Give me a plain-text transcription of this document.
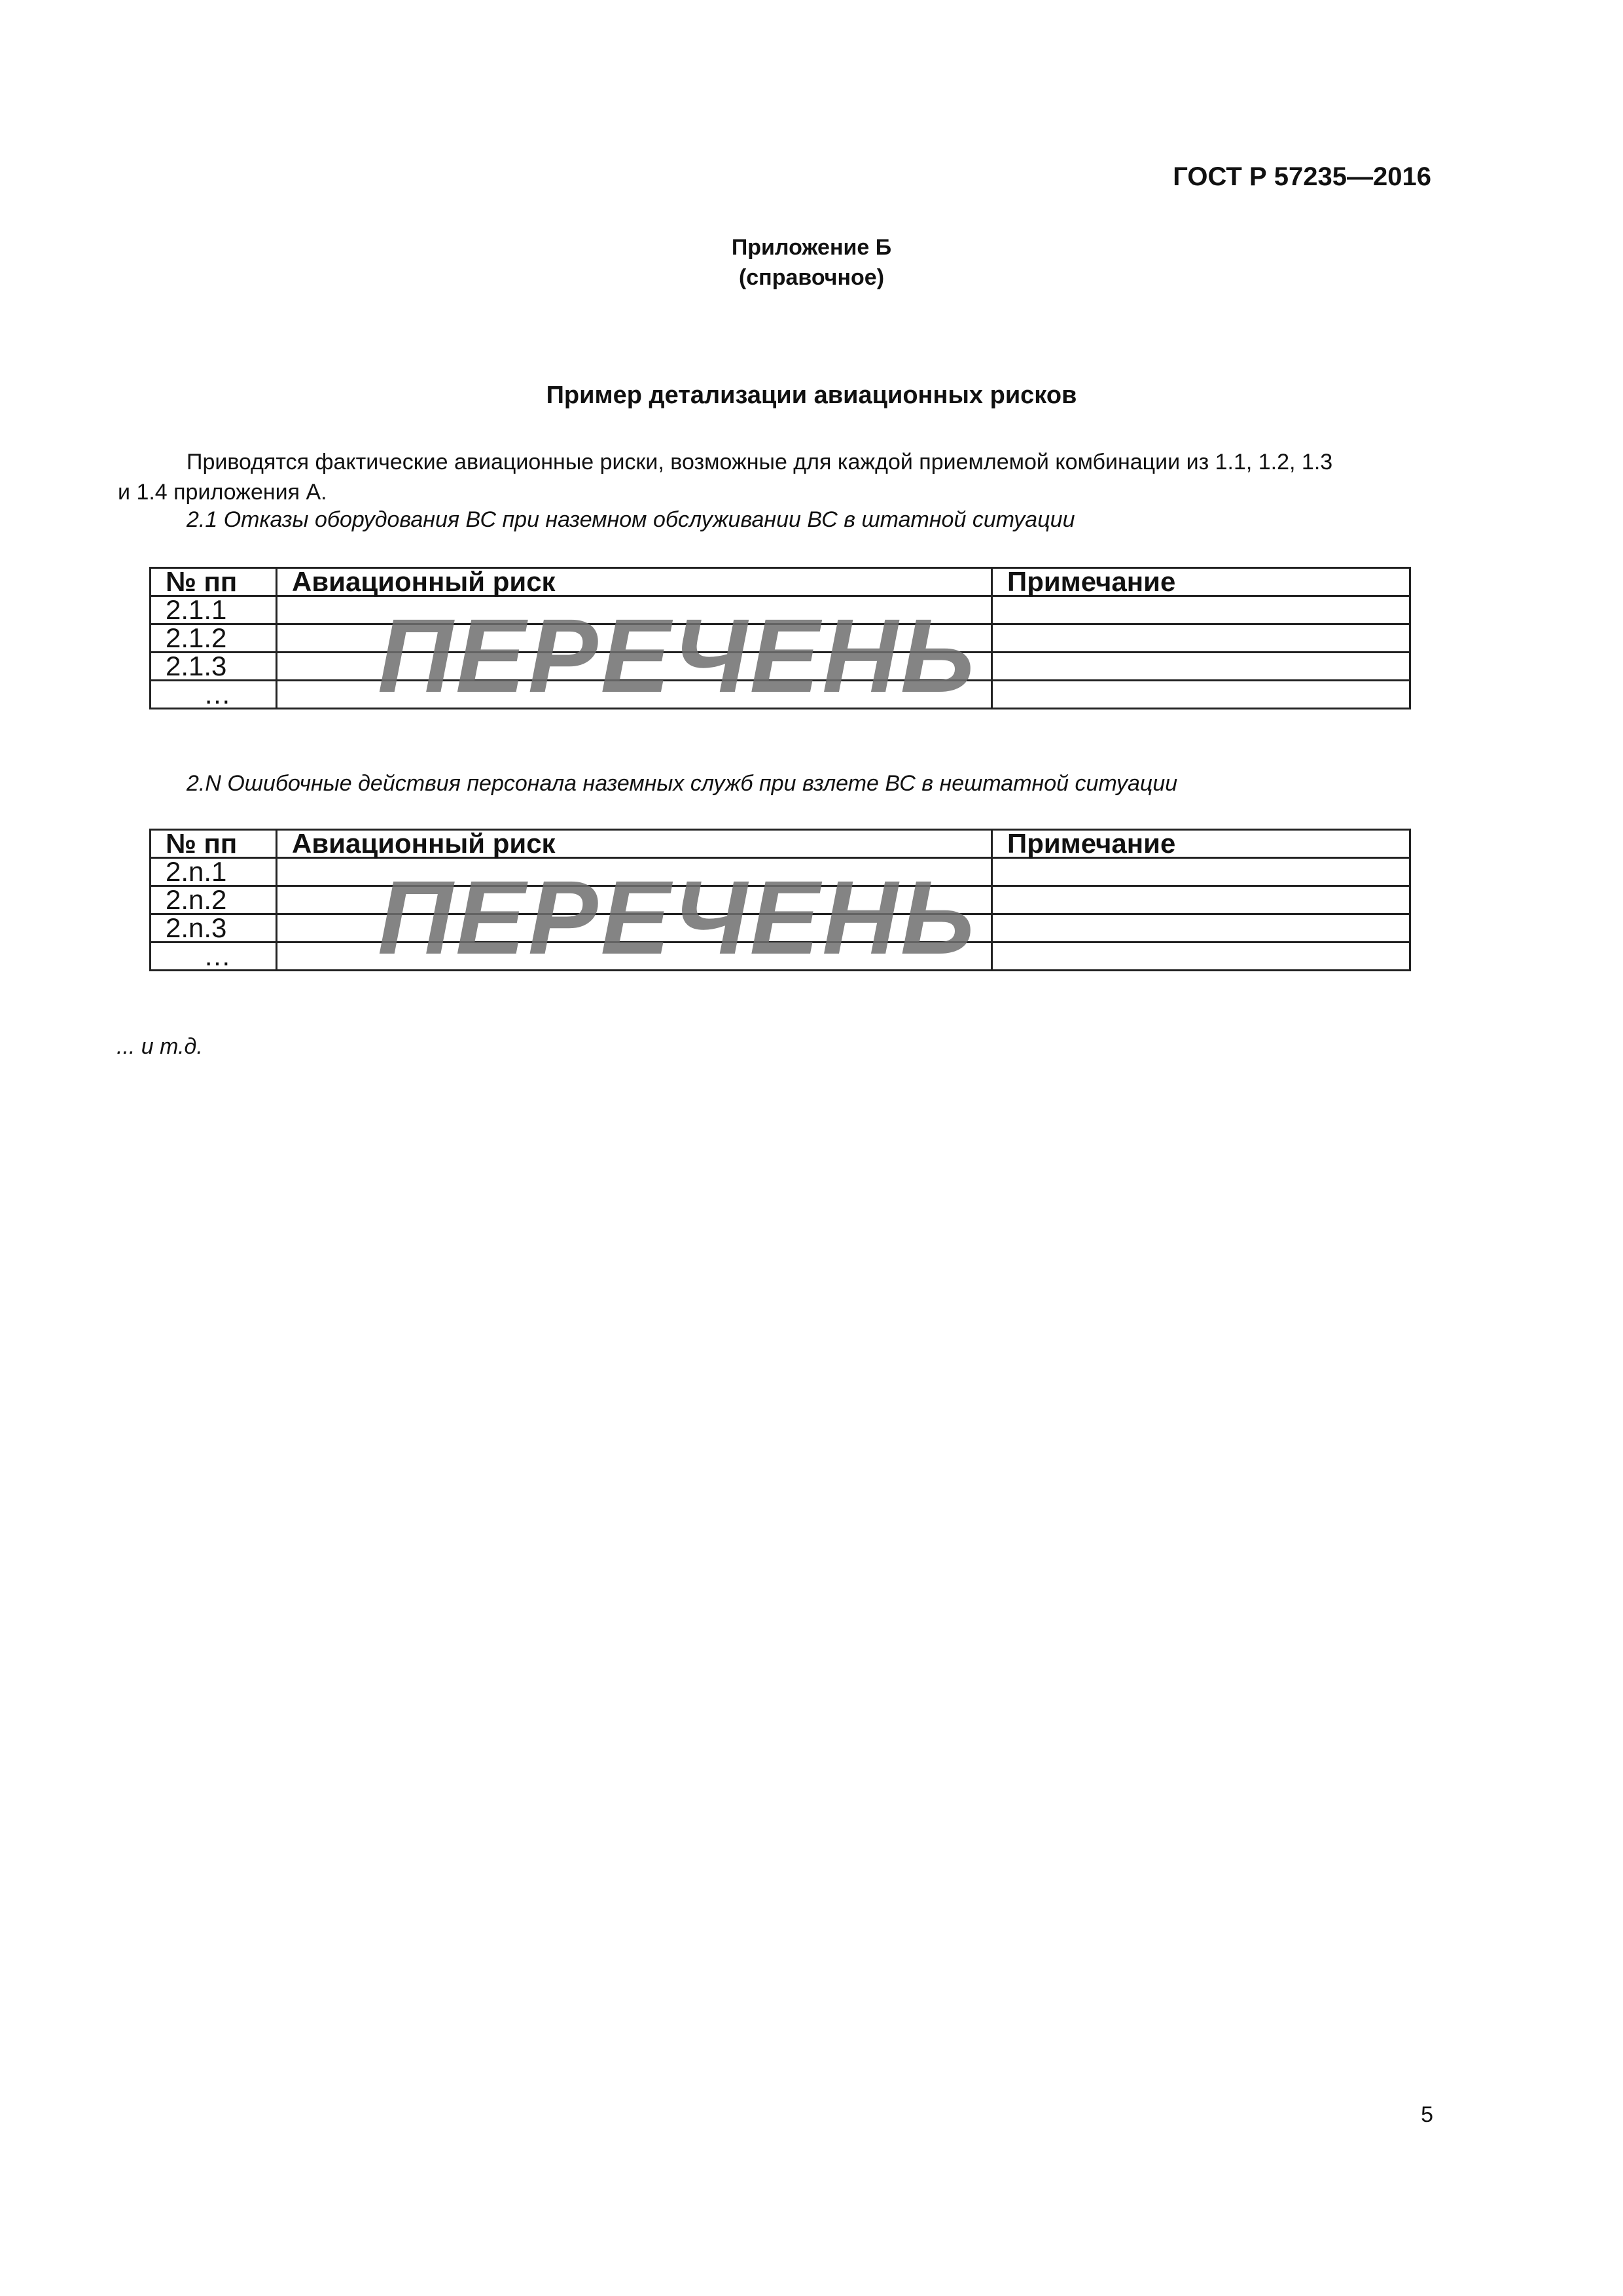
ГОСТ Р 57235—2016
Приложение Б
(справочное)
Пример детализации авиационных рисков
Приводятся фактические авиационные риски, возможные для каждой приемлемой комбинации из 1.1, 1.2, 1.3
и 1.4 приложения А.
2.1 Отказы оборудования ВС при наземном обслуживании ВС в штатной ситуации
№ пп	Авиационный риск	Примечание
2.1.1		
2.1.2		
2.1.3		
…		ПЕРЕЧЕНЬ
2.N Ошибочные действия персонала наземных служб при взлете ВС в нештатной ситуации
№ пп	Авиационный риск	Примечание
2.n.1		
2.n.2		
2.n.3		
…		ПЕРЕЧЕНЬ
... и т.д.
5
